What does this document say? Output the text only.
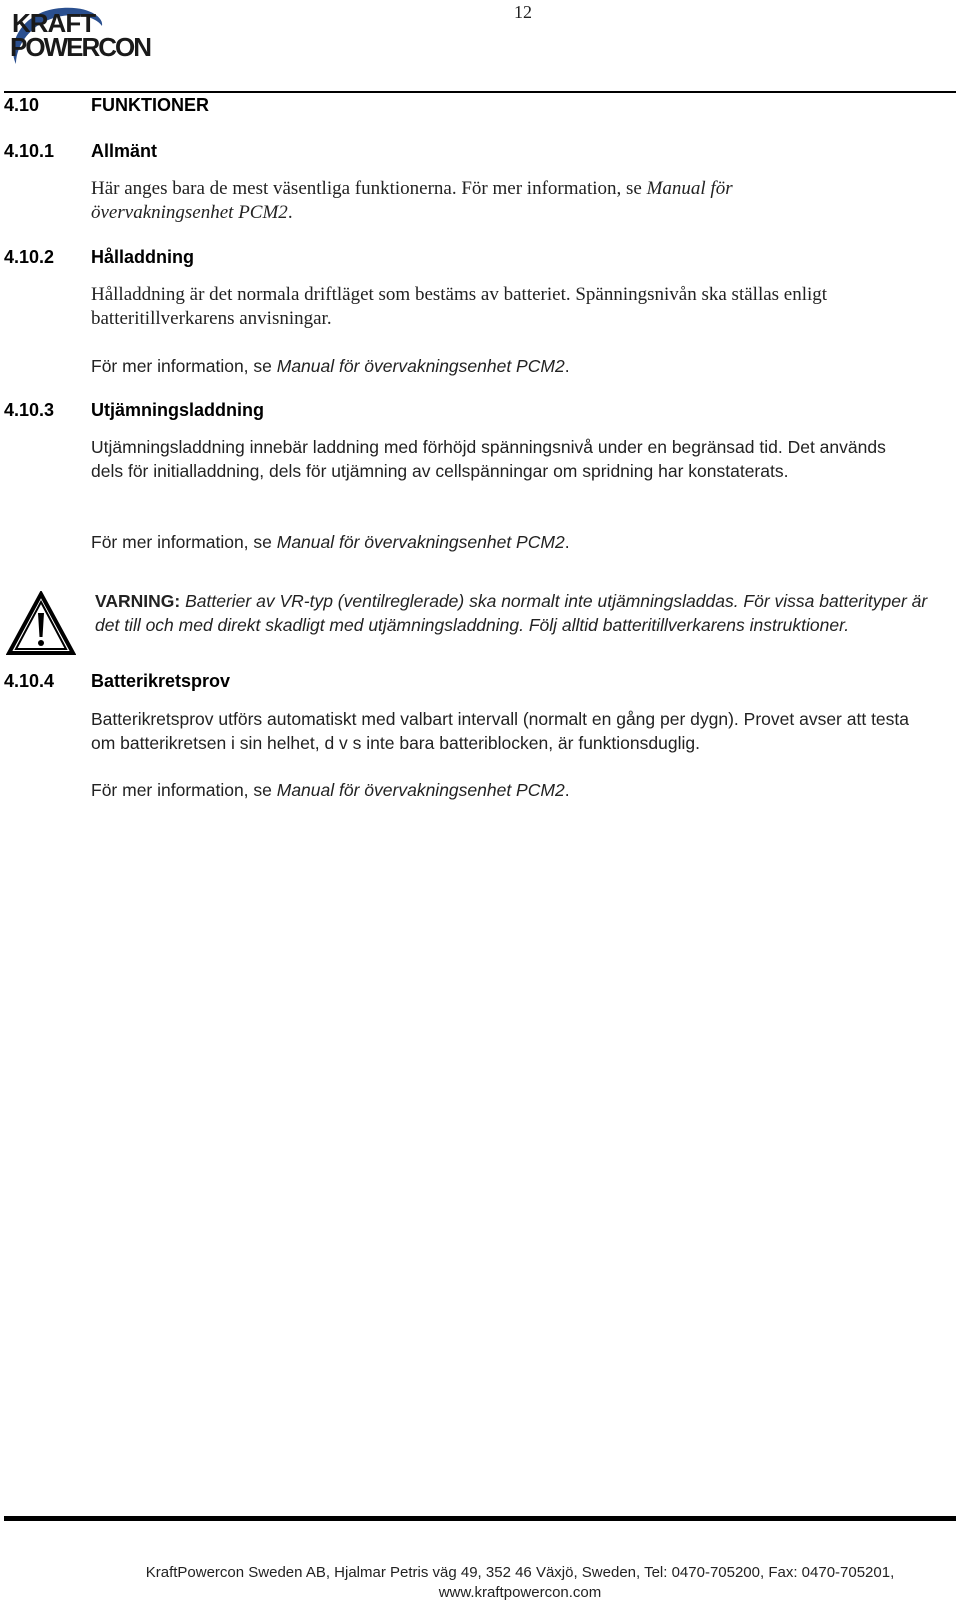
KRAFT
POWERCON
12
4.10	FUNKTIONER
4.10.1 Allmänt
Här anges bara de mest väsentliga funktionerna. För mer information, se Manual för övervakningsenhet PCM2.
4.10.2 Hålladdning
Hålladdning är det normala driftläget som bestäms av batteriet. Spänningsnivån ska ställas enligt batteritillverkarens anvisningar.
För mer information, se Manual för övervakningsenhet PCM2.
4.10.3 Utjämningsladdning
Utjämningsladdning innebär laddning med förhöjd spänningsnivå under en begränsad tid. Det används dels för initialladdning, dels för utjämning av cellspänningar om spridning har konstaterats.
För mer information, se Manual för övervakningsenhet PCM2.
VARNING: Batterier av VR-typ (ventilreglerade) ska normalt inte utjämningsladdas. För vissa batterityper är det till och med direkt skadligt med utjämningsladdning. Följ alltid batteritillverkarens instruktioner.
4.10.4 Batterikretsprov
Batterikretsprov utförs automatiskt med valbart intervall (normalt en gång per dygn). Provet avser att testa om batterikretsen i sin helhet, d v s inte bara batteriblocken, är funktionsduglig.
För mer information, se Manual för övervakningsenhet PCM2.
KraftPowercon Sweden AB, Hjalmar Petris väg 49, 352 46 Växjö, Sweden, Tel: 0470-705200, Fax: 0470-705201,
www.kraftpowercon.com
